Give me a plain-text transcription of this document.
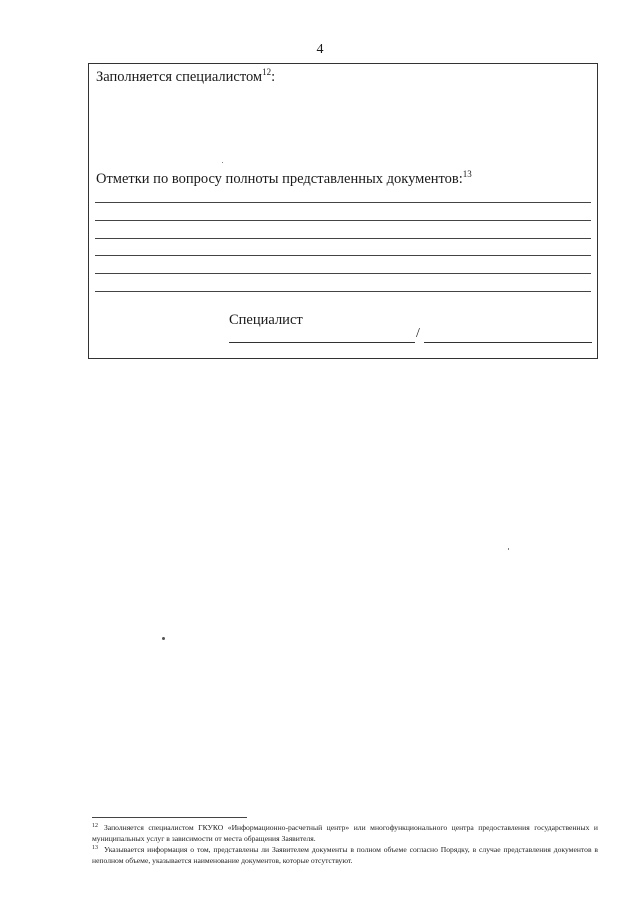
4
Заполняется специалистом$^{12}$:
Отметки по вопросу полноты представленных документов:$^{13}$
Специалист
/
$^{12}$ Заполняется специалистом ГКУКО «Информационно-расчетный центр» или многофункционального центра предоставления государственных и муниципальных услуг в зависимости от места обращения Заявителя.
$^{13}$ Указывается информация о том, представлены ли Заявителем документы в полном объеме согласно Порядку, в случае представления документов в неполном объеме, указывается наименование документов, которые отсутствуют.
